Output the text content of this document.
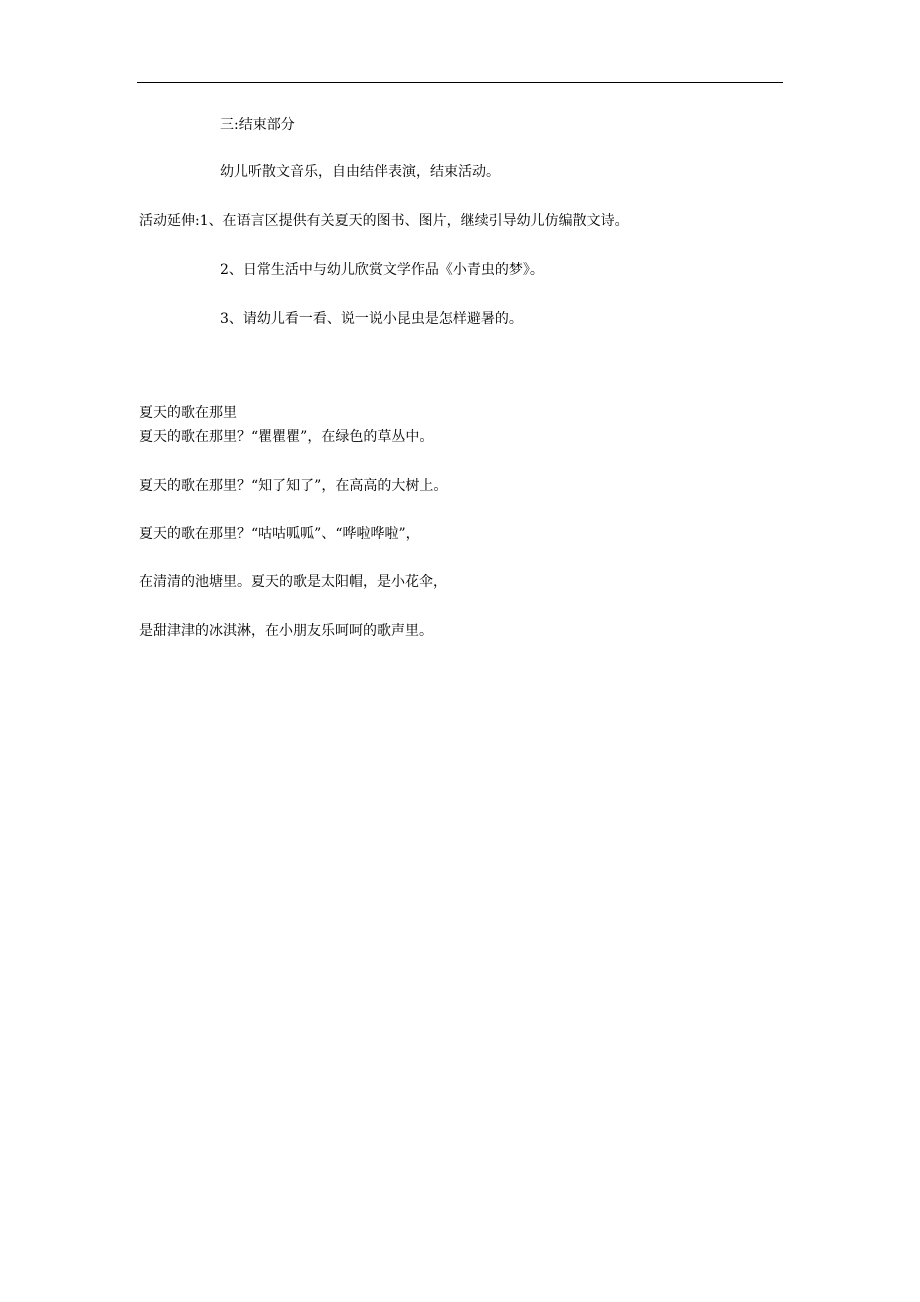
三:结束部分
幼儿听散文音乐，自由结伴表演，结束活动。
活动延伸:1、在语言区提供有关夏天的图书、图片，继续引导幼儿仿编散文诗。
2、日常生活中与幼儿欣赏文学作品《小青虫的梦》。
3、请幼儿看一看、说一说小昆虫是怎样避暑的。
夏天的歌在那里
夏天的歌在那里？“瞿瞿瞿”，在绿色的草丛中。
夏天的歌在那里？“知了知了”，在高高的大树上。
夏天的歌在那里？“咕咕呱呱”、“哗啦哗啦”，
在清清的池塘里。夏天的歌是太阳帽，是小花伞，
是甜津津的冰淇淋，在小朋友乐呵呵的歌声里。
